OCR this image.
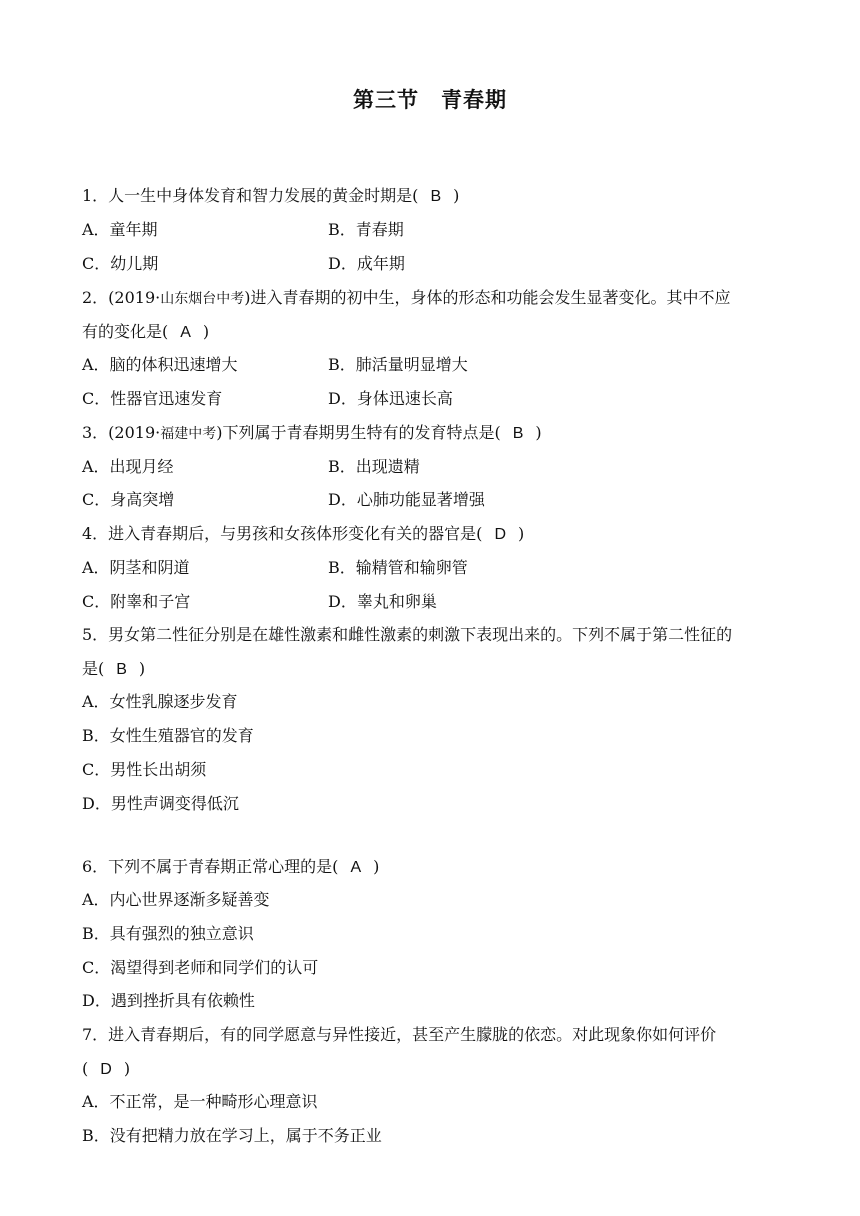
第三节 青春期
1．人一生中身体发育和智力发展的黄金时期是( B )
A．童年期	B．青春期
C．幼儿期	D．成年期
2．(2019·山东烟台中考)进入青春期的初中生，身体的形态和功能会发生显著变化。其中不应
有的变化是( A )
A．脑的体积迅速增大	B．肺活量明显增大
C．性器官迅速发育	D．身体迅速长高
3．(2019·福建中考)下列属于青春期男生特有的发育特点是( B )
A．出现月经	B．出现遗精
C．身高突增	D．心肺功能显著增强
4．进入青春期后，与男孩和女孩体形变化有关的器官是( D )
A．阴茎和阴道	B．输精管和输卵管
C．附睾和子宫	D．睾丸和卵巢
5．男女第二性征分别是在雄性激素和雌性激素的刺激下表现出来的。下列不属于第二性征的
是( B )
A．女性乳腺逐步发育
B．女性生殖器官的发育
C．男性长出胡须
D．男性声调变得低沉
6．下列不属于青春期正常心理的是( A )
A．内心世界逐渐多疑善变
B．具有强烈的独立意识
C．渴望得到老师和同学们的认可
D．遇到挫折具有依赖性
7．进入青春期后，有的同学愿意与异性接近，甚至产生朦胧的依恋。对此现象你如何评价
( D )
A．不正常，是一种畸形心理意识
B．没有把精力放在学习上，属于不务正业
